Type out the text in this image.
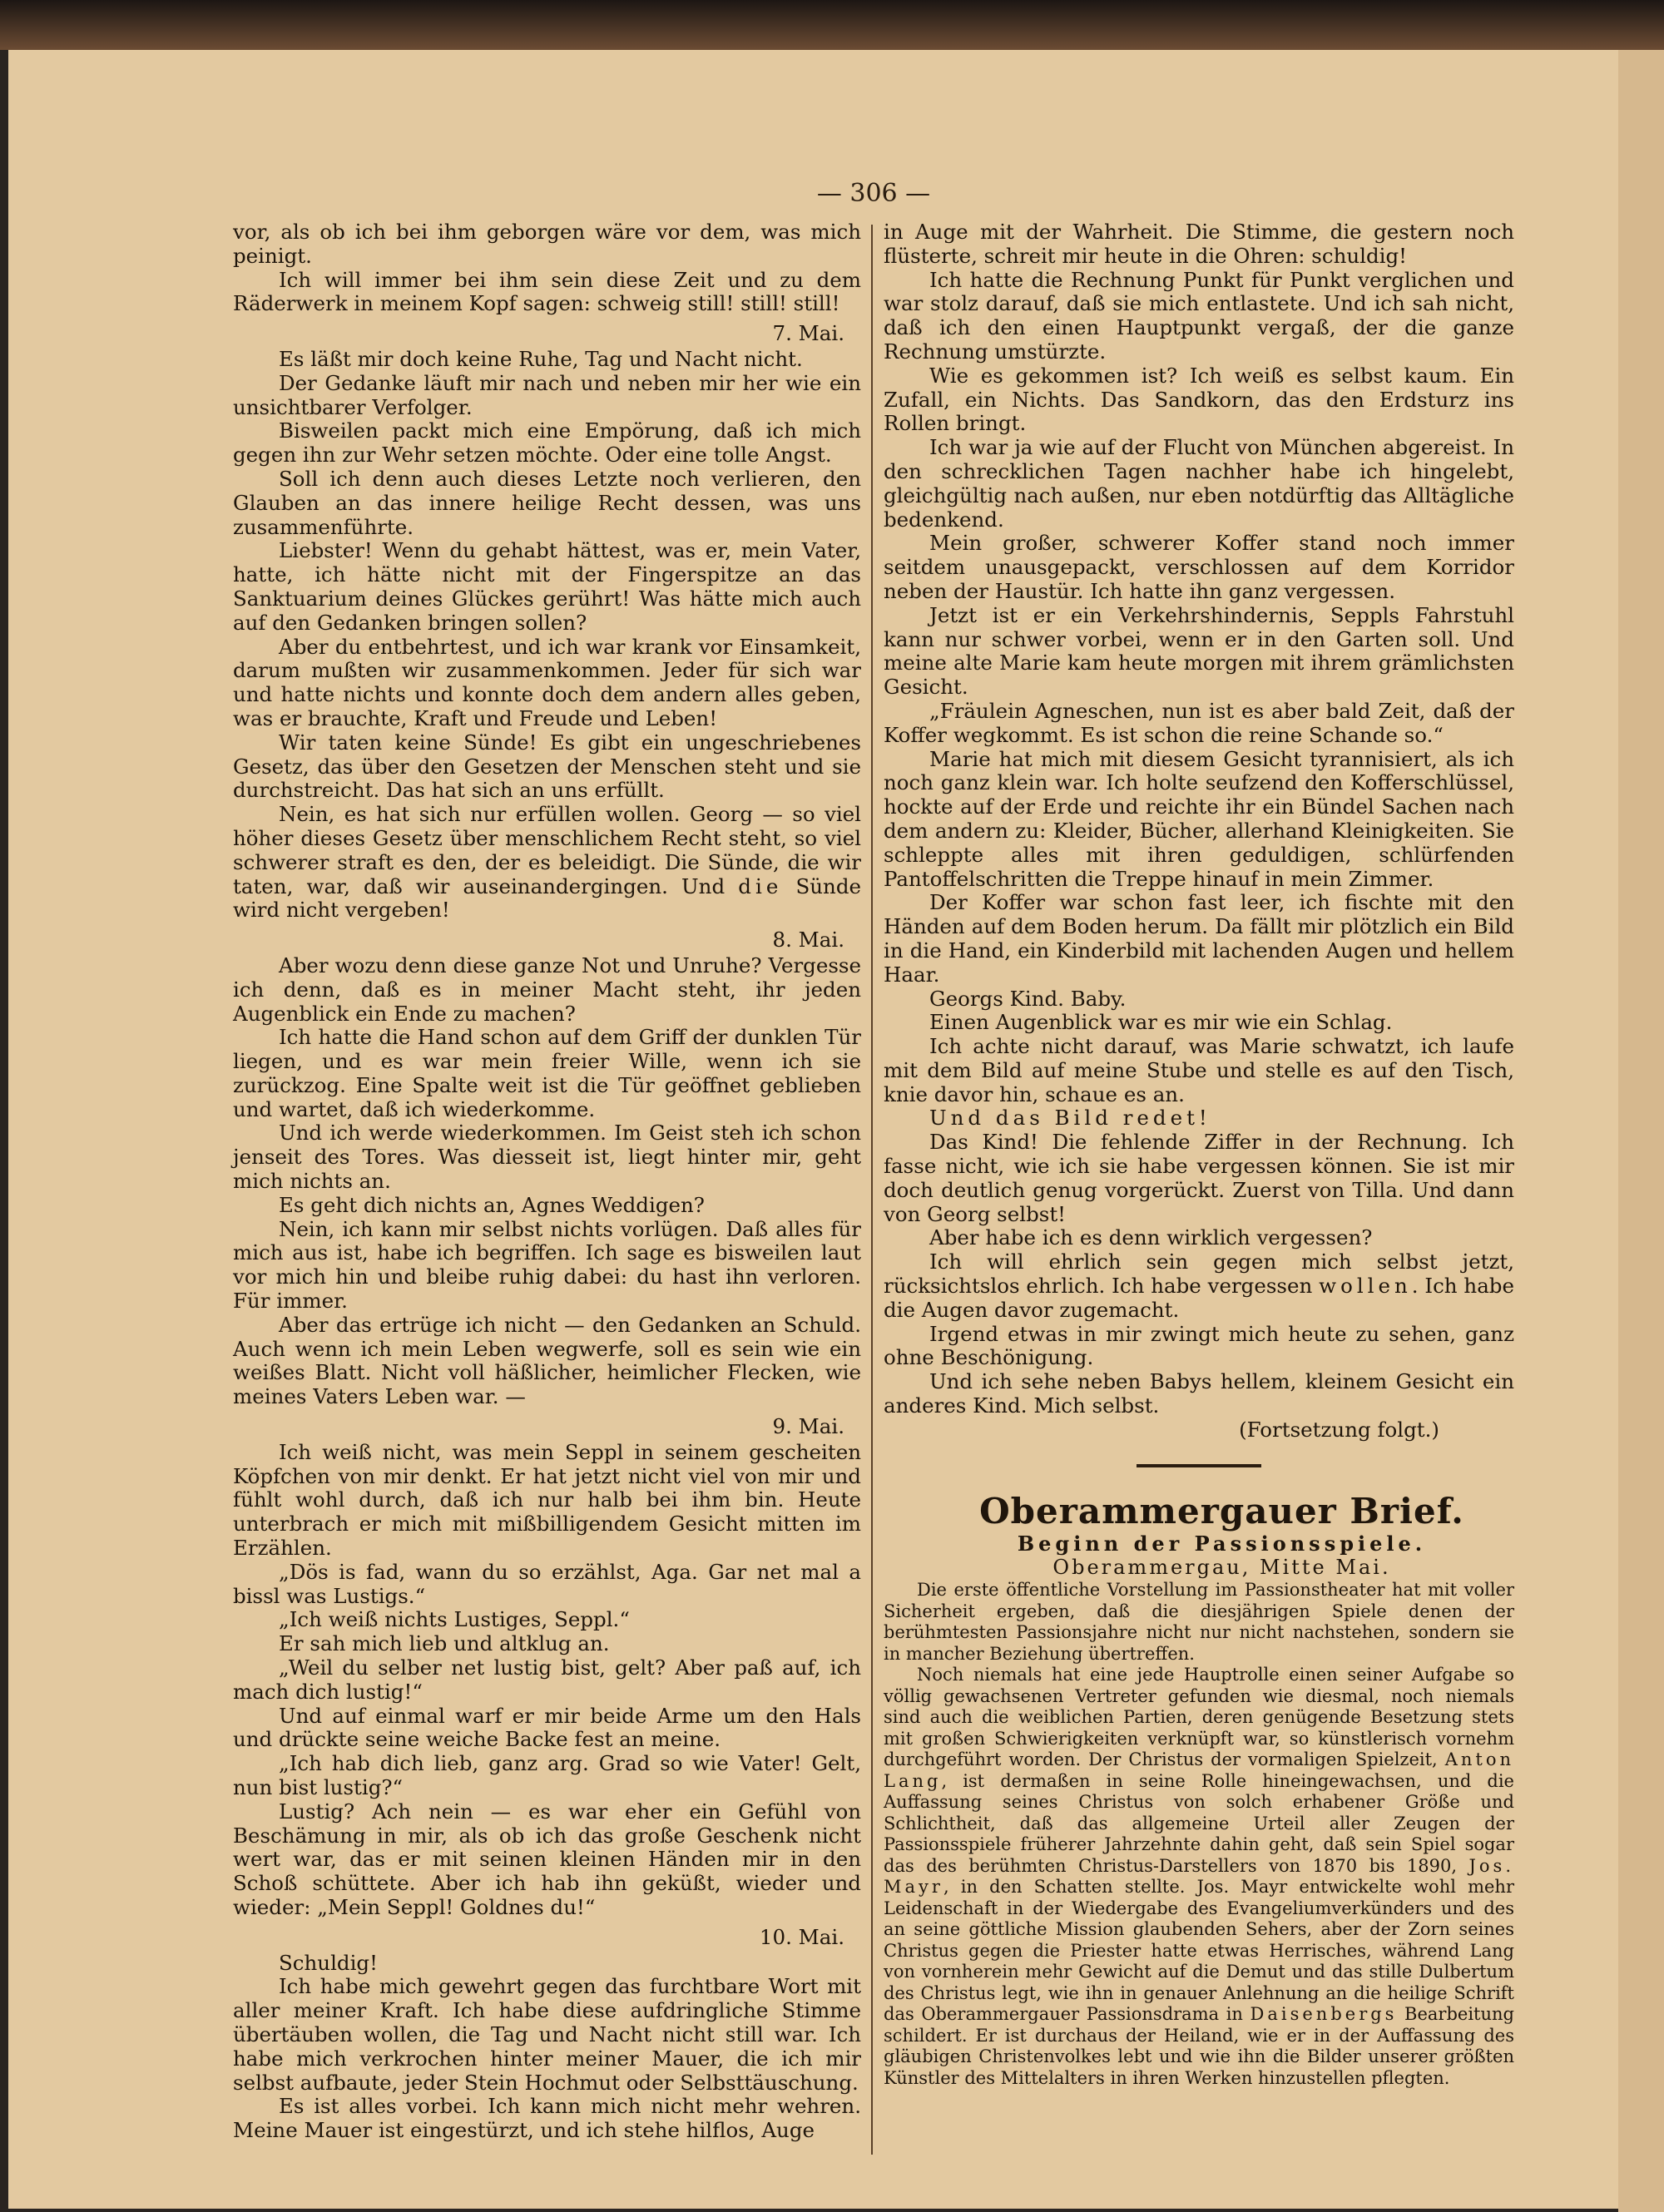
— 306 —

vor, als ob ich bei ihm geborgen wäre vor dem, was mich peinigt.

Ich will immer bei ihm sein diese Zeit und zu dem Räderwerk in meinem Kopf sagen: schweig still! still! still!

7. Mai.

Es läßt mir doch keine Ruhe, Tag und Nacht nicht.

Der Gedanke läuft mir nach und neben mir her wie ein unsichtbarer Verfolger.

Bisweilen packt mich eine Empörung, daß ich mich gegen ihn zur Wehr setzen möchte. Oder eine tolle Angst.

Soll ich denn auch dieses Letzte noch verlieren, den Glauben an das innere heilige Recht dessen, was uns zusammenführte.

Liebster! Wenn du gehabt hättest, was er, mein Vater, hatte, ich hätte nicht mit der Fingerspitze an das Sanktuarium deines Glückes gerührt! Was hätte mich auch auf den Gedanken bringen sollen?

Aber du entbehrtest, und ich war krank vor Einsamkeit, darum mußten wir zusammenkommen. Jeder für sich war und hatte nichts und konnte doch dem andern alles geben, was er brauchte, Kraft und Freude und Leben!

Wir taten keine Sünde! Es gibt ein ungeschriebenes Gesetz, das über den Gesetzen der Menschen steht und sie durchstreicht. Das hat sich an uns erfüllt.

Nein, es hat sich nur erfüllen wollen. Georg — so viel höher dieses Gesetz über menschlichem Recht steht, so viel schwerer straft es den, der es beleidigt. Die Sünde, die wir taten, war, daß wir auseinandergingen. Und die Sünde wird nicht vergeben!

8. Mai.

Aber wozu denn diese ganze Not und Unruhe? Vergesse ich denn, daß es in meiner Macht steht, ihr jeden Augenblick ein Ende zu machen?

Ich hatte die Hand schon auf dem Griff der dunklen Tür liegen, und es war mein freier Wille, wenn ich sie zurückzog. Eine Spalte weit ist die Tür geöffnet geblieben und wartet, daß ich wiederkomme.

Und ich werde wiederkommen. Im Geist steh ich schon jenseit des Tores. Was diesseit ist, liegt hinter mir, geht mich nichts an.

Es geht dich nichts an, Agnes Weddigen?

Nein, ich kann mir selbst nichts vorlügen. Daß alles für mich aus ist, habe ich begriffen. Ich sage es bisweilen laut vor mich hin und bleibe ruhig dabei: du hast ihn verloren. Für immer.

Aber das ertrüge ich nicht — den Gedanken an Schuld. Auch wenn ich mein Leben wegwerfe, soll es sein wie ein weißes Blatt. Nicht voll häßlicher, heimlicher Flecken, wie meines Vaters Leben war. —

9. Mai.

Ich weiß nicht, was mein Seppl in seinem gescheiten Köpfchen von mir denkt. Er hat jetzt nicht viel von mir und fühlt wohl durch, daß ich nur halb bei ihm bin. Heute unterbrach er mich mit mißbilligendem Gesicht mitten im Erzählen.

„Dös is fad, wann du so erzählst, Aga. Gar net mal a bissl was Lustigs.“

„Ich weiß nichts Lustiges, Seppl.“

Er sah mich lieb und altklug an.

„Weil du selber net lustig bist, gelt? Aber paß auf, ich mach dich lustig!“

Und auf einmal warf er mir beide Arme um den Hals und drückte seine weiche Backe fest an meine.

„Ich hab dich lieb, ganz arg. Grad so wie Vater! Gelt, nun bist lustig?“

Lustig? Ach nein — es war eher ein Gefühl von Beschämung in mir, als ob ich das große Geschenk nicht wert war, das er mit seinen kleinen Händen mir in den Schoß schüttete. Aber ich hab ihn geküßt, wieder und wieder: „Mein Seppl! Goldnes du!“

10. Mai.

Schuldig!

Ich habe mich gewehrt gegen das furchtbare Wort mit aller meiner Kraft. Ich habe diese aufdringliche Stimme übertäuben wollen, die Tag und Nacht nicht still war. Ich habe mich verkrochen hinter meiner Mauer, die ich mir selbst aufbaute, jeder Stein Hochmut oder Selbsttäuschung.

Es ist alles vorbei. Ich kann mich nicht mehr wehren. Meine Mauer ist eingestürzt, und ich stehe hilflos, Auge

in Auge mit der Wahrheit. Die Stimme, die gestern noch flüsterte, schreit mir heute in die Ohren: schuldig!

Ich hatte die Rechnung Punkt für Punkt verglichen und war stolz darauf, daß sie mich entlastete. Und ich sah nicht, daß ich den einen Hauptpunkt vergaß, der die ganze Rechnung umstürzte.

Wie es gekommen ist? Ich weiß es selbst kaum. Ein Zufall, ein Nichts. Das Sandkorn, das den Erdsturz ins Rollen bringt.

Ich war ja wie auf der Flucht von München abgereist. In den schrecklichen Tagen nachher habe ich hingelebt, gleichgültig nach außen, nur eben notdürftig das Alltägliche bedenkend.

Mein großer, schwerer Koffer stand noch immer seitdem unausgepackt, verschlossen auf dem Korridor neben der Haustür. Ich hatte ihn ganz vergessen.

Jetzt ist er ein Verkehrshindernis, Seppls Fahrstuhl kann nur schwer vorbei, wenn er in den Garten soll. Und meine alte Marie kam heute morgen mit ihrem grämlichsten Gesicht.

„Fräulein Agneschen, nun ist es aber bald Zeit, daß der Koffer wegkommt. Es ist schon die reine Schande so.“

Marie hat mich mit diesem Gesicht tyrannisiert, als ich noch ganz klein war. Ich holte seufzend den Kofferschlüssel, hockte auf der Erde und reichte ihr ein Bündel Sachen nach dem andern zu: Kleider, Bücher, allerhand Kleinigkeiten. Sie schleppte alles mit ihren geduldigen, schlürfenden Pantoffelschritten die Treppe hinauf in mein Zimmer.

Der Koffer war schon fast leer, ich fischte mit den Händen auf dem Boden herum. Da fällt mir plötzlich ein Bild in die Hand, ein Kinderbild mit lachenden Augen und hellem Haar.

Georgs Kind. Baby.

Einen Augenblick war es mir wie ein Schlag.

Ich achte nicht darauf, was Marie schwatzt, ich laufe mit dem Bild auf meine Stube und stelle es auf den Tisch, knie davor hin, schaue es an.

Und das Bild redet!

Das Kind! Die fehlende Ziffer in der Rechnung. Ich fasse nicht, wie ich sie habe vergessen können. Sie ist mir doch deutlich genug vorgerückt. Zuerst von Tilla. Und dann von Georg selbst!

Aber habe ich es denn wirklich vergessen?

Ich will ehrlich sein gegen mich selbst jetzt, rücksichtslos ehrlich. Ich habe vergessen wollen. Ich habe die Augen davor zugemacht.

Irgend etwas in mir zwingt mich heute zu sehen, ganz ohne Beschönigung.

Und ich sehe neben Babys hellem, kleinem Gesicht ein anderes Kind. Mich selbst.

(Fortsetzung folgt.)

Oberammergauer Brief.

Beginn der Passionsspiele.

Oberammergau, Mitte Mai.

Die erste öffentliche Vorstellung im Passionstheater hat mit voller Sicherheit ergeben, daß die diesjährigen Spiele denen der berühmtesten Passionsjahre nicht nur nicht nachstehen, sondern sie in mancher Beziehung übertreffen.

Noch niemals hat eine jede Hauptrolle einen seiner Aufgabe so völlig gewachsenen Vertreter gefunden wie diesmal, noch niemals sind auch die weiblichen Partien, deren genügende Besetzung stets mit großen Schwierigkeiten verknüpft war, so künstlerisch vornehm durchgeführt worden. Der Christus der vormaligen Spielzeit, Anton Lang, ist dermaßen in seine Rolle hineingewachsen, und die Auffassung seines Christus von solch erhabener Größe und Schlichtheit, daß das allgemeine Urteil aller Zeugen der Passionsspiele früherer Jahrzehnte dahin geht, daß sein Spiel sogar das des berühmten Christus-Darstellers von 1870 bis 1890, Jos. Mayr, in den Schatten stellte. Jos. Mayr entwickelte wohl mehr Leidenschaft in der Wiedergabe des Evangeliumverkünders und des an seine göttliche Mission glaubenden Sehers, aber der Zorn seines Christus gegen die Priester hatte etwas Herrisches, während Lang von vornherein mehr Gewicht auf die Demut und das stille Dulbertum des Christus legt, wie ihn in genauer Anlehnung an die heilige Schrift das Oberammergauer Passionsdrama in Daisenbergs Bearbeitung schildert. Er ist durchaus der Heiland, wie er in der Auffassung des gläubigen Christenvolkes lebt und wie ihn die Bilder unserer größten Künstler des Mittelalters in ihren Werken hinzustellen pflegten.
